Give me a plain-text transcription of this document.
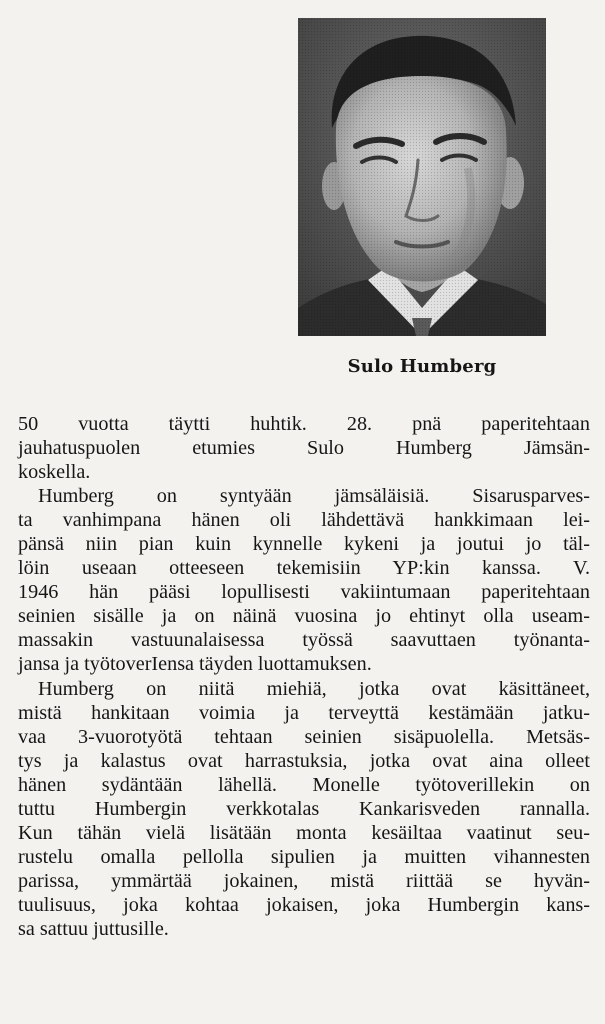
Sulo Humberg
50 vuotta täytti huhtik. 28. pnä paperitehtaan
jauhatuspuolen etumies Sulo Humberg Jämsän-
koskella.
Humberg on syntyään jämsäläisiä. Sisarusparves-
ta vanhimpana hänen oli lähdettävä hankkimaan lei-
pänsä niin pian kuin kynnelle kykeni ja joutui jo täl-
löin useaan otteeseen tekemisiin YP:kin kanssa. V.
1946 hän pääsi lopullisesti vakiintumaan paperitehtaan
seinien sisälle ja on näinä vuosina jo ehtinyt olla useam-
massakin vastuunalaisessa työssä saavuttaen työnanta-
jansa ja työtoverIensa täyden luottamuksen.
Humberg on niitä miehiä, jotka ovat käsittäneet,
mistä hankitaan voimia ja terveyttä kestämään jatku-
vaa 3-vuorotyötä tehtaan seinien sisäpuolella. Metsäs-
tys ja kalastus ovat harrastuksia, jotka ovat aina olleet
hänen sydäntään lähellä. Monelle työtoverillekin on
tuttu Humbergin verkkotalas Kankarisveden rannalla.
Kun tähän vielä lisätään monta kesäiltaa vaatinut seu-
rustelu omalla pellolla sipulien ja muitten vihannesten
parissa, ymmärtää jokainen, mistä riittää se hyvän-
tuulisuus, joka kohtaa jokaisen, joka Humbergin kans-
sa sattuu juttusille.
